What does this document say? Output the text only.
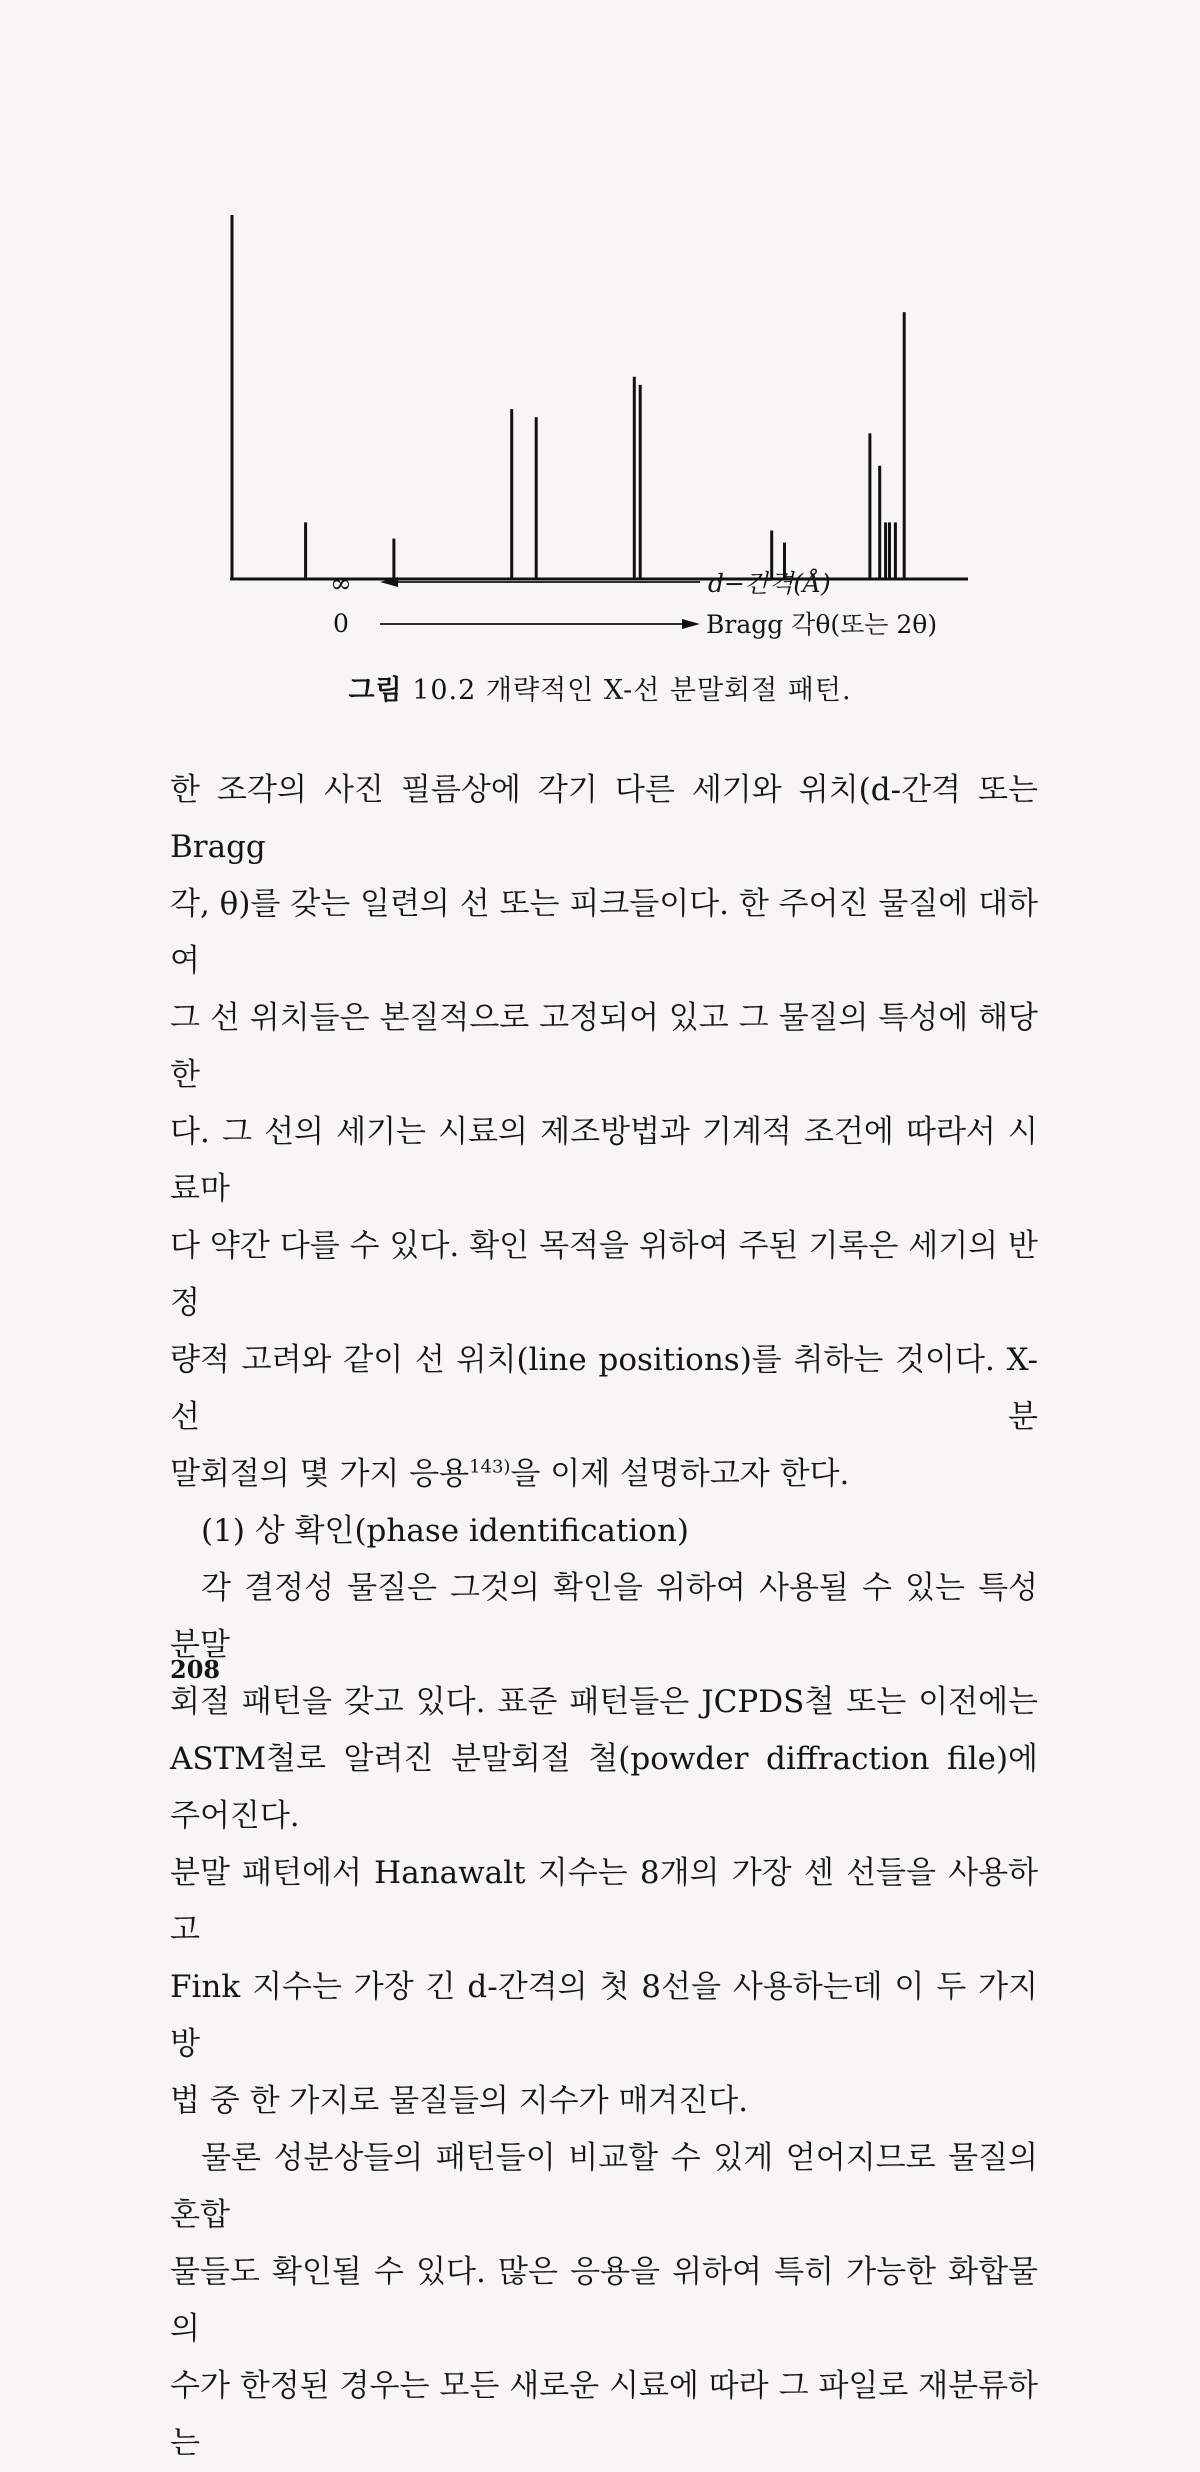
∞	d−간격(Å)
0	Bragg 각θ(또는 2θ)
그림 10.2 개략적인 X-선 분말회절 패턴.

한 조각의 사진 필름상에 각기 다른 세기와 위치(d-간격 또는 Bragg

각, θ)를 갖는 일련의 선 또는 피크들이다. 한 주어진 물질에 대하여

그 선 위치들은 본질적으로 고정되어 있고 그 물질의 특성에 해당한

다. 그 선의 세기는 시료의 제조방법과 기계적 조건에 따라서 시료마

다 약간 다를 수 있다. 확인 목적을 위하여 주된 기록은 세기의 반정

량적 고려와 같이 선 위치(line positions)를 취하는 것이다. X-선 분

말회절의 몇 가지 응용$^{143)}$을 이제 설명하고자 한다.

(1) 상 확인(phase identification)

각 결정성 물질은 그것의 확인을 위하여 사용될 수 있는 특성분말

회절 패턴을 갖고 있다. 표준 패턴들은 JCPDS철 또는 이전에는

ASTM철로 알려진 분말회절 철(powder diffraction file)에 주어진다.

분말 패턴에서 Hanawalt 지수는 8개의 가장 센 선들을 사용하고

Fink 지수는 가장 긴 d-간격의 첫 8선을 사용하는데 이 두 가지 방

법 중 한 가지로 물질들의 지수가 매겨진다.

물론 성분상들의 패턴들이 비교할 수 있게 얻어지므로 물질의 혼합

물들도 확인될 수 있다. 많은 응용을 위하여 특히 가능한 화합물의

수가 한정된 경우는 모든 새로운 시료에 따라 그 파일로 재분류하는

208
